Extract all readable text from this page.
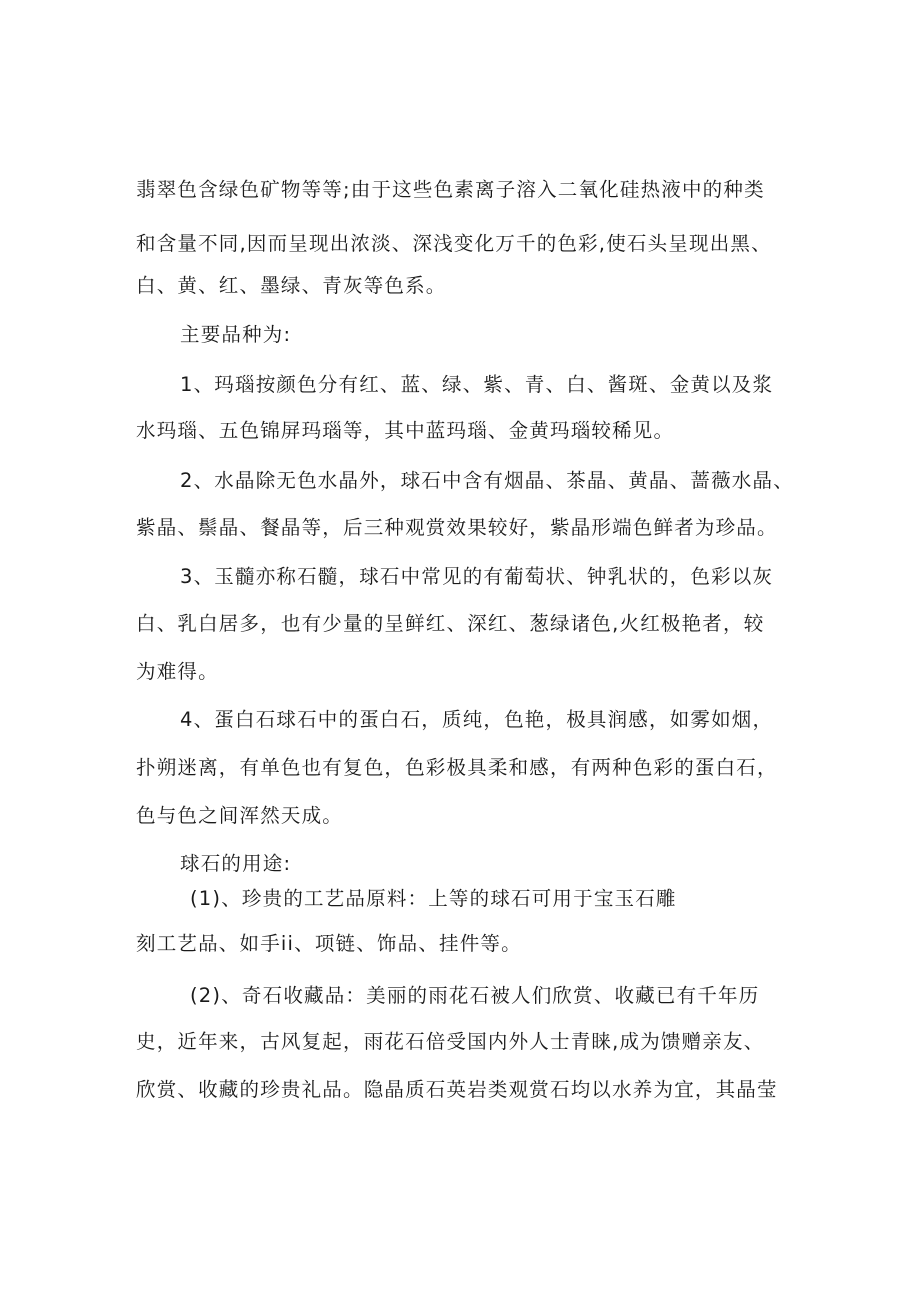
翡翠色含绿色矿物等等;由于这些色素离子溶入二氧化硅热液中的种类
和含量不同,因而呈现出浓淡、深浅变化万千的色彩,使石头呈现出黑、
白、黄、红、墨绿、青灰等色系。
主要品种为:
1、玛瑙按颜色分有红、蓝、绿、紫、青、白、酱斑、金黄以及浆
水玛瑙、五色锦屏玛瑙等，其中蓝玛瑙、金黄玛瑙较稀见。
2、水晶除无色水晶外，球石中含有烟晶、茶晶、黄晶、蔷薇水晶、
紫晶、鬃晶、餐晶等，后三种观赏效果较好，紫晶形端色鲜者为珍品。
3、玉髓亦称石髓，球石中常见的有葡萄状、钟乳状的，色彩以灰
白、乳白居多，也有少量的呈鲜红、深红、葱绿诸色,火红极艳者，较
为难得。
4、蛋白石球石中的蛋白石，质纯，色艳，极具润感，如雾如烟，
扑朔迷离，有单色也有复色，色彩极具柔和感，有两种色彩的蛋白石，
色与色之间浑然天成。
球石的用途:
(1)、珍贵的工艺品原料：上等的球石可用于宝玉石雕
刻工艺品、如手ii、项链、饰品、挂件等。
(2)、奇石收藏品：美丽的雨花石被人们欣赏、收藏已有千年历
史，近年来，古风复起，雨花石倍受国内外人士青睐,成为馈赠亲友、
欣赏、收藏的珍贵礼品。隐晶质石英岩类观赏石均以水养为宜，其晶莹
